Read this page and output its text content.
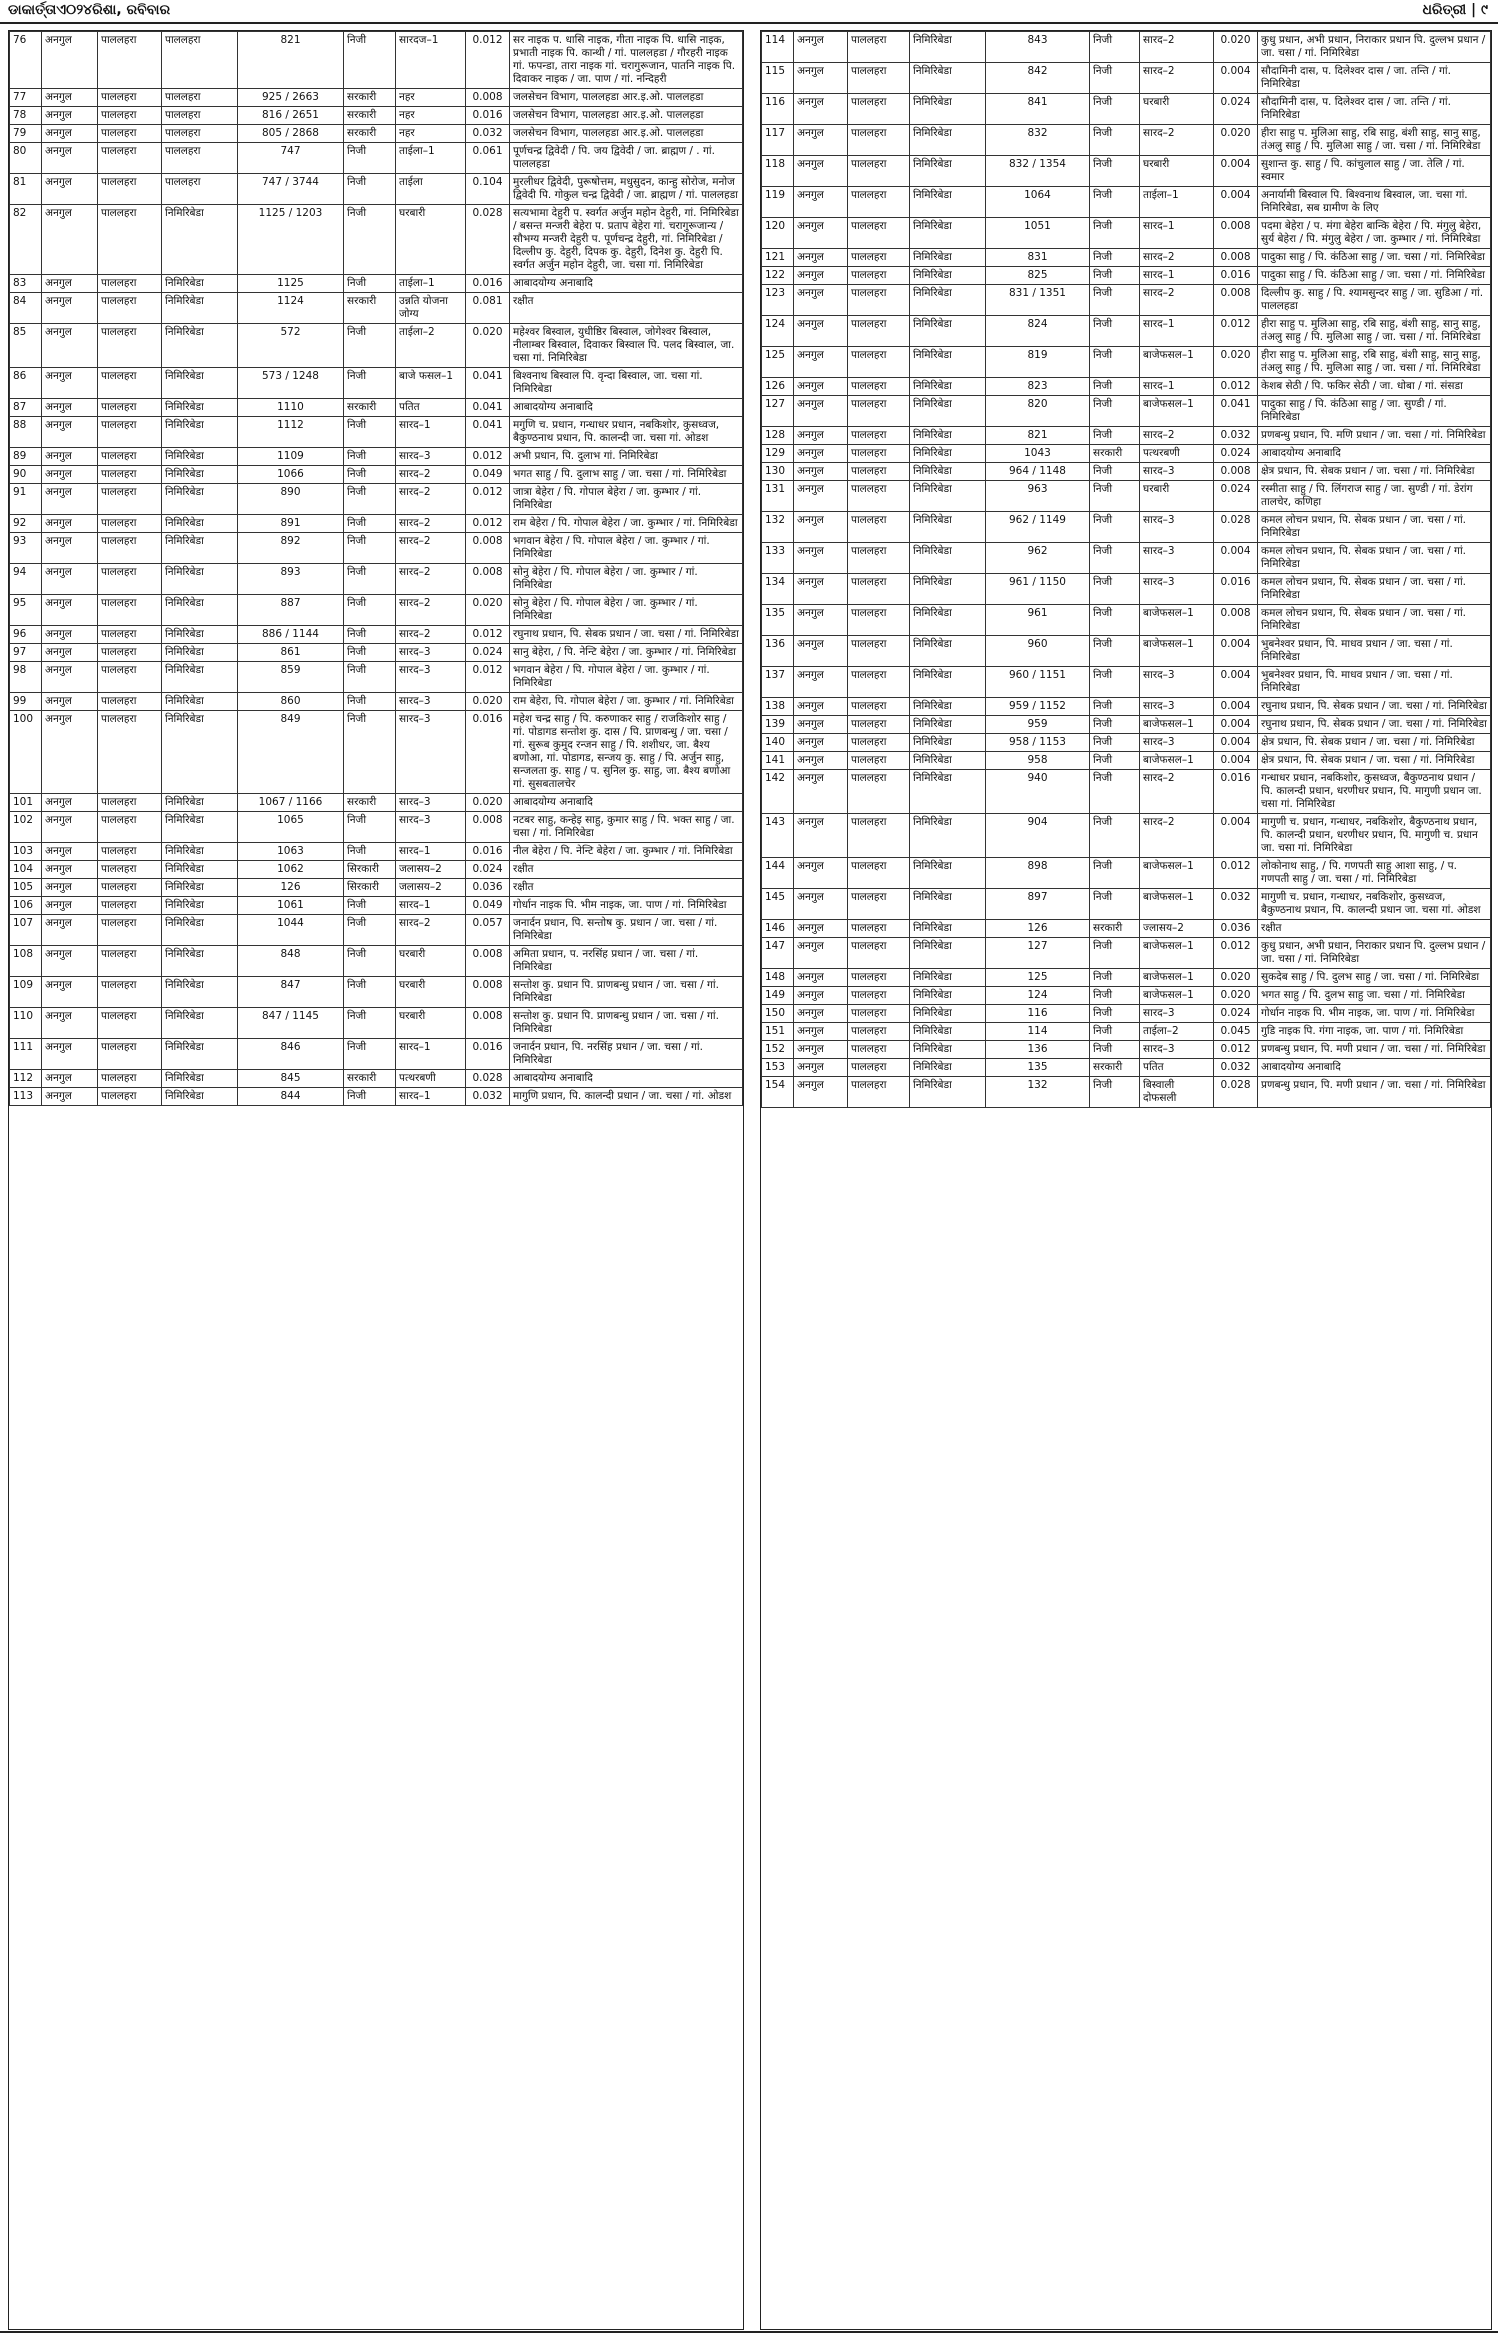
ଡାକାର୍ତ୍ତାଏ୦୨୪ରିଶା, ରବିବାର	ଧରିତ୍ରୀ | ୯
76	अनगुल	पाललहरा	पाललहरा	821	निजी	सारदज–1	0.012	सर नाइक प. धासि नाइक, गीता नाइक पि. धासि नाइक, प्रभाती नाइक पि. कान्थी / गां. पाललहडा / गौरहरी नाइक गां. फपन्डा, तारा नाइक गां. चरागुरूजान, पातनि नाइक पि. दिवाकर नाइक / जा. पाण / गां. नन्दिहरी
77	अनगुल	पाललहरा	पाललहरा	925 / 2663	सरकारी	नहर	0.008	जलसेचन विभाग, पाललहडा आर.इ.ओ. पाललहडा
78	अनगुल	पाललहरा	पाललहरा	816 / 2651	सरकारी	नहर	0.016	जलसेचन विभाग, पाललहडा आर.इ.ओ. पाललहडा
79	अनगुल	पाललहरा	पाललहरा	805 / 2868	सरकारी	नहर	0.032	जलसेचन विभाग, पाललहडा आर.इ.ओ. पाललहडा
80	अनगुल	पाललहरा	पाललहरा	747	निजी	ताईला–1	0.061	पूर्णचन्द्र द्विवेदी / पि. जय द्विवेदी / जा. ब्राह्मण / . गां. पाललहडा
81	अनगुल	पाललहरा	पाललहरा	747 / 3744	निजी	ताईला	0.104	मुरलीधर द्विवेदी, पुरूषोत्तम, मधुसुदन, कान्हु सोरोज, मनोज द्विवेदी पि. गोकुल चन्द्र द्विवेदी / जा. ब्राह्मण / गां. पाललहडा
82	अनगुल	पाललहरा	निमिरिबेडा	1125 / 1203	निजी	घरबारी	0.028	सत्यभामा देहुरी प. स्वर्गत अर्जुन महोन देहुरी, गां. निमिरिबेडा / बसन्त मन्जरी बेहेरा प. प्रताप बेहेरा गां. चरागुरूजान्य / सौभग्य मन्जरी देहुरी प. पूर्णचन्द्र देहुरी, गां. निमिरिबेडा / दिल्लीप कु. देहुरी, दिपक कु. देहुरी, दिनेश कु. देहुरी पि. स्वर्गत अर्जुन महोन देहुरी, जा. चसा गां. निमिरिबेडा
83	अनगुल	पाललहरा	निमिरिबेडा	1125	निजी	ताईला–1	0.016	आबादयोग्य अनाबादि
84	अनगुल	पाललहरा	निमिरिबेडा	1124	सरकारी	उन्नति योजना जोग्य	0.081	रक्षीत
85	अनगुल	पाललहरा	निमिरिबेडा	572	निजी	ताईला–2	0.020	महेश्वर बिस्वाल, युधीष्ठिर बिस्वाल, जोगेश्वर बिस्वाल, नीलाम्बर बिस्वाल, दिवाकर बिस्वाल पि. पलद बिस्वाल, जा. चसा गां. निमिरिबेडा
86	अनगुल	पाललहरा	निमिरिबेडा	573 / 1248	निजी	बाजे फसल–1	0.041	बिश्वनाथ बिस्वाल पि. वृन्दा बिस्वाल, जा. चसा गां. निमिरिबेडा
87	अनगुल	पाललहरा	निमिरिबेडा	1110	सरकारी	पतित	0.041	आबादयोग्य अनाबादि
88	अनगुल	पाललहरा	निमिरिबेडा	1112	निजी	सारद–1	0.041	मगुणि च. प्रधान, गन्धाधर प्रधान, नबकिशोर, कुसध्वज, बैकुण्ठनाथ प्रधान, पि. कालन्दी जा. चसा गां. ओडश
89	अनगुल	पाललहरा	निमिरिबेडा	1109	निजी	सारद–3	0.012	अभी प्रधान, पि. दुलाभ गां. निमिरिबेडा
90	अनगुल	पाललहरा	निमिरिबेडा	1066	निजी	सारद–2	0.049	भगत साहु / पि. दुलाभ साहु / जा. चसा / गां. निमिरिबेडा
91	अनगुल	पाललहरा	निमिरिबेडा	890	निजी	सारद–2	0.012	जात्रा बेहेरा / पि. गोपाल बेहेरा / जा. कुम्भार / गां. निमिरिबेडा
92	अनगुल	पाललहरा	निमिरिबेडा	891	निजी	सारद–2	0.012	राम बेहेरा / पि. गोपाल बेहेरा / जा. कुम्भार / गां. निमिरिबेडा
93	अनगुल	पाललहरा	निमिरिबेडा	892	निजी	सारद–2	0.008	भगवान बेहेरा / पि. गोपाल बेहेरा / जा. कुम्भार / गां. निमिरिबेडा
94	अनगुल	पाललहरा	निमिरिबेडा	893	निजी	सारद–2	0.008	सोनु बेहेरा / पि. गोपाल बेहेरा / जा. कुम्भार / गां. निमिरिबेडा
95	अनगुल	पाललहरा	निमिरिबेडा	887	निजी	सारद–2	0.020	सोनु बेहेरा / पि. गोपाल बेहेरा / जा. कुम्भार / गां. निमिरिबेडा
96	अनगुल	पाललहरा	निमिरिबेडा	886 / 1144	निजी	सारद–2	0.012	रघुनाथ प्रधान, पि. सेबक प्रधान / जा. चसा / गां. निमिरिबेडा
97	अनगुल	पाललहरा	निमिरिबेडा	861	निजी	सारद–3	0.024	सानु बेहेरा, / पि. नेन्टि बेहेरा / जा. कुम्भार / गां. निमिरिबेडा
98	अनगुल	पाललहरा	निमिरिबेडा	859	निजी	सारद–3	0.012	भगवान बेहेरा / पि. गोपाल बेहेरा / जा. कुम्भार / गां. निमिरिबेडा
99	अनगुल	पाललहरा	निमिरिबेडा	860	निजी	सारद–3	0.020	राम बेहेरा, पि. गोपाल बेहेरा / जा. कुम्भार / गां. निमिरिबेडा
100	अनगुल	पाललहरा	निमिरिबेडा	849	निजी	सारद–3	0.016	महेश चन्द्र साहु / पि. करुणाकर साहु / राजकिशोर साहु / गां. पोडागड सन्तोश कु. दास / पि. प्राणबन्धु / जा. चसा / गां. सुरूब कुमुद रन्जन साहु / पि. शशीधर, जा. बैश्य बणोआ, गां. पोडागड, सन्जय कु. साहु / पि. अर्जुन साहु, सन्जलता कु. साहु / प. सुनिल कु. साहु, जा. बैश्य बणोआ गां. सुसबतालचेर
101	अनगुल	पाललहरा	निमिरिबेडा	1067 / 1166	सरकारी	सारद–3	0.020	आबादयोग्य अनाबादि
102	अनगुल	पाललहरा	निमिरिबेडा	1065	निजी	सारद–3	0.008	नटबर साहु, कन्हेइ साहु, कुमार साहु / पि. भक्त साहु / जा. चसा / गां. निमिरिबेडा
103	अनगुल	पाललहरा	निमिरिबेडा	1063	निजी	सारद–1	0.016	नील बेहेरा / पि. नेन्टि बेहेरा / जा. कुम्भार / गां. निमिरिबेडा
104	अनगुल	पाललहरा	निमिरिबेडा	1062	सिरकारी	जलासय–2	0.024	रक्षीत
105	अनगुल	पाललहरा	निमिरिबेडा	126	सिरकारी	जलासय–2	0.036	रक्षीत
106	अनगुल	पाललहरा	निमिरिबेडा	1061	निजी	सारद–1	0.049	गोर्धान नाइक पि. भीम नाइक, जा. पाण / गां. निमिरिबेडा
107	अनगुल	पाललहरा	निमिरिबेडा	1044	निजी	सारद–2	0.057	जनार्दन प्रधान, पि. सन्तोष कु. प्रधान / जा. चसा / गां. निमिरिबेडा
108	अनगुल	पाललहरा	निमिरिबेडा	848	निजी	घरबारी	0.008	अमिता प्रधान, प. नरसिंह प्रधान / जा. चसा / गां. निमिरिबेडा
109	अनगुल	पाललहरा	निमिरिबेडा	847	निजी	घरबारी	0.008	सन्तोश कु. प्रधान पि. प्राणबन्धु प्रधान / जा. चसा / गां. निमिरिबेडा
110	अनगुल	पाललहरा	निमिरिबेडा	847 / 1145	निजी	घरबारी	0.008	सन्तोश कु. प्रधान पि. प्राणबन्धु प्रधान / जा. चसा / गां. निमिरिबेडा
111	अनगुल	पाललहरा	निमिरिबेडा	846	निजी	सारद–1	0.016	जनार्दन प्रधान, पि. नरसिंह प्रधान / जा. चसा / गां. निमिरिबेडा
112	अनगुल	पाललहरा	निमिरिबेडा	845	सरकारी	पत्थरबणी	0.028	आबादयोग्य अनाबादि
113	अनगुल	पाललहरा	निमिरिबेडा	844	निजी	सारद–1	0.032	मागुणि प्रधान, पि. कालन्दी प्रधान / जा. चसा / गां. ओडश
114	अनगुल	पाललहरा	निमिरिबेडा	843	निजी	सारद–2	0.020	कुधु प्रधान, अभी प्रधान, निराकार प्रधान पि. दुल्लभ प्रधान / जा. चसा / गां. निमिरिबेडा
115	अनगुल	पाललहरा	निमिरिबेडा	842	निजी	सारद–2	0.004	सौदामिनी दास, प. दिलेश्वर दास / जा. तन्ति / गां. निमिरिबेडा
116	अनगुल	पाललहरा	निमिरिबेडा	841	निजी	घरबारी	0.024	सौदामिनी दास, प. दिलेश्वर दास / जा. तन्ति / गां. निमिरिबेडा
117	अनगुल	पाललहरा	निमिरिबेडा	832	निजी	सारद–2	0.020	हीरा साहु प. मुलिआ साहु, रबि साहु, बंशी साहु, सानु साहु, तंअलु साहु / पि. मुलिआ साहु / जा. चसा / गां. निमिरिबेडा
118	अनगुल	पाललहरा	निमिरिबेडा	832 / 1354	निजी	घरबारी	0.004	सुशान्त कु. साहु / पि. कांचुलाल साहु / जा. तेलि / गां. स्वमार
119	अनगुल	पाललहरा	निमिरिबेडा	1064	निजी	ताईला–1	0.004	अनार्यामी बिस्वाल पि. बिश्वनाथ बिस्वाल, जा. चसा गां. निमिरिबेडा, सब ग्रामीण के लिए
120	अनगुल	पाललहरा	निमिरिबेडा	1051	निजी	सारद–1	0.008	पदमा बेहेरा / प. मंगा बेहेरा बान्कि बेहेरा / पि. मंगुलु बेहेरा, सुर्य बेहेरा / पि. मंगुलु बेहेरा / जा. कुम्भार / गां. निमिरिबेडा
121	अनगुल	पाललहरा	निमिरिबेडा	831	निजी	सारद–2	0.008	पादुका साहु / पि. कंठिआ साहु / जा. चसा / गां. निमिरिबेडा
122	अनगुल	पाललहरा	निमिरिबेडा	825	निजी	सारद–1	0.016	पादुका साहु / पि. कंठिआ साहु / जा. चसा / गां. निमिरिबेडा
123	अनगुल	पाललहरा	निमिरिबेडा	831 / 1351	निजी	सारद–2	0.008	दिल्लीप कु. साहु / पि. श्यामसुन्दर साहु / जा. सुडिआ / गां. पाललहडा
124	अनगुल	पाललहरा	निमिरिबेडा	824	निजी	सारद–1	0.012	हीरा साहु प. मुलिआ साहु, रबि साहु, बंशी साहु, सानु साहु, तंअलु साहु / पि. मुलिआ साहु / जा. चसा / गां. निमिरिबेडा
125	अनगुल	पाललहरा	निमिरिबेडा	819	निजी	बाजेफसल–1	0.020	हीरा साहु प. मुलिआ साहु, रबि साहु, बंशी साहु, सानु साहु, तंअलु साहु / पि. मुलिआ साहु / जा. चसा / गां. निमिरिबेडा
126	अनगुल	पाललहरा	निमिरिबेडा	823	निजी	सारद–1	0.012	केशब सेठी / पि. फकिर सेठी / जा. धोबा / गां. संसडा
127	अनगुल	पाललहरा	निमिरिबेडा	820	निजी	बाजेफसल–1	0.041	पादुका साहु / पि. कंठिआ साहु / जा. सुण्डी / गां. निमिरिबेडा
128	अनगुल	पाललहरा	निमिरिबेडा	821	निजी	सारद–2	0.032	प्रणबन्धु प्रधान, पि. मणि प्रधान / जा. चसा / गां. निमिरिबेडा
129	अनगुल	पाललहरा	निमिरिबेडा	1043	सरकारी	पत्थरबणी	0.024	आबादयोग्य अनाबादि
130	अनगुल	पाललहरा	निमिरिबेडा	964 / 1148	निजी	सारद–3	0.008	क्षेत्र प्रधान, पि. सेबक प्रधान / जा. चसा / गां. निमिरिबेडा
131	अनगुल	पाललहरा	निमिरिबेडा	963	निजी	घरबारी	0.024	रस्मीता साहु / पि. लिंगराज साहु / जा. सुण्डी / गां. डेरांग तालचेर, कणिहा
132	अनगुल	पाललहरा	निमिरिबेडा	962 / 1149	निजी	सारद–3	0.028	कमल लोचन प्रधान, पि. सेबक प्रधान / जा. चसा / गां. निमिरिबेडा
133	अनगुल	पाललहरा	निमिरिबेडा	962	निजी	सारद–3	0.004	कमल लोचन प्रधान, पि. सेबक प्रधान / जा. चसा / गां. निमिरिबेडा
134	अनगुल	पाललहरा	निमिरिबेडा	961 / 1150	निजी	सारद–3	0.016	कमल लोचन प्रधान, पि. सेबक प्रधान / जा. चसा / गां. निमिरिबेडा
135	अनगुल	पाललहरा	निमिरिबेडा	961	निजी	बाजेफसल–1	0.008	कमल लोचन प्रधान, पि. सेबक प्रधान / जा. चसा / गां. निमिरिबेडा
136	अनगुल	पाललहरा	निमिरिबेडा	960	निजी	बाजेफसल–1	0.004	भुबनेश्वर प्रधान, पि. माधव प्रधान / जा. चसा / गां. निमिरिबेडा
137	अनगुल	पाललहरा	निमिरिबेडा	960 / 1151	निजी	सारद–3	0.004	भुबनेश्वर प्रधान, पि. माधव प्रधान / जा. चसा / गां. निमिरिबेडा
138	अनगुल	पाललहरा	निमिरिबेडा	959 / 1152	निजी	सारद–3	0.004	रघुनाथ प्रधान, पि. सेबक प्रधान / जा. चसा / गां. निमिरिबेडा
139	अनगुल	पाललहरा	निमिरिबेडा	959	निजी	बाजेफसल–1	0.004	रघुनाथ प्रधान, पि. सेबक प्रधान / जा. चसा / गां. निमिरिबेडा
140	अनगुल	पाललहरा	निमिरिबेडा	958 / 1153	निजी	सारद–3	0.004	क्षेत्र प्रधान, पि. सेबक प्रधान / जा. चसा / गां. निमिरिबेडा
141	अनगुल	पाललहरा	निमिरिबेडा	958	निजी	बाजेफसल–1	0.004	क्षेत्र प्रधान, पि. सेबक प्रधान / जा. चसा / गां. निमिरिबेडा
142	अनगुल	पाललहरा	निमिरिबेडा	940	निजी	सारद–2	0.016	गन्धाधर प्रधान, नबकिशोर, कुसध्वज, बैकुण्ठनाथ प्रधान / पि. कालन्दी प्रधान, धरणीधर प्रधान, पि. मागुणी प्रधान जा. चसा गां. निमिरिबेडा
143	अनगुल	पाललहरा	निमिरिबेडा	904	निजी	सारद–2	0.004	मागुणी च. प्रधान, गन्धाधर, नबकिशोर, बैकुण्ठनाथ प्रधान, पि. कालन्दी प्रधान, धरणीधर प्रधान, पि. मागुणी च. प्रधान जा. चसा गां. निमिरिबेडा
144	अनगुल	पाललहरा	निमिरिबेडा	898	निजी	बाजेफसल–1	0.012	लोकोनाथ साहु, / पि. गणपती साहु आशा साहु, / प. गणपती साहु / जा. चसा / गां. निमिरिबेडा
145	अनगुल	पाललहरा	निमिरिबेडा	897	निजी	बाजेफसल–1	0.032	मागुणी च. प्रधान, गन्धाधर, नबकिशोर, कुसध्वज, बैकुण्ठनाथ प्रधान, पि. कालन्दी प्रधान जा. चसा गां. ओडश
146	अनगुल	पाललहरा	निमिरिबेडा	126	सरकारी	ज्लासय–2	0.036	रक्षीत
147	अनगुल	पाललहरा	निमिरिबेडा	127	निजी	बाजेफसल–1	0.012	कुधु प्रधान, अभी प्रधान, निराकार प्रधान पि. दुल्लभ प्रधान / जा. चसा / गां. निमिरिबेडा
148	अनगुल	पाललहरा	निमिरिबेडा	125	निजी	बाजेफसल–1	0.020	सुकदेब साहु / पि. दुलभ साहु / जा. चसा / गां. निमिरिबेडा
149	अनगुल	पाललहरा	निमिरिबेडा	124	निजी	बाजेफसल–1	0.020	भगत साहु / पि. दुलभ साहु जा. चसा / गां. निमिरिबेडा
150	अनगुल	पाललहरा	निमिरिबेडा	116	निजी	सारद–3	0.024	गोर्धान नाइक पि. भीम नाइक, जा. पाण / गां. निमिरिबेडा
151	अनगुल	पाललहरा	निमिरिबेडा	114	निजी	ताईला–2	0.045	गुडि नाइक पि. गंगा नाइक, जा. पाण / गां. निमिरिबेडा
152	अनगुल	पाललहरा	निमिरिबेडा	136	निजी	सारद–3	0.012	प्रणबन्धु प्रधान, पि. मणी प्रधान / जा. चसा / गां. निमिरिबेडा
153	अनगुल	पाललहरा	निमिरिबेडा	135	सरकारी	पतित	0.032	आबादयोग्य अनाबादि
154	अनगुल	पाललहरा	निमिरिबेडा	132	निजी	बिस्वाली दोफसली	0.028	प्रणबन्धु प्रधान, पि. मणी प्रधान / जा. चसा / गां. निमिरिबेडा
